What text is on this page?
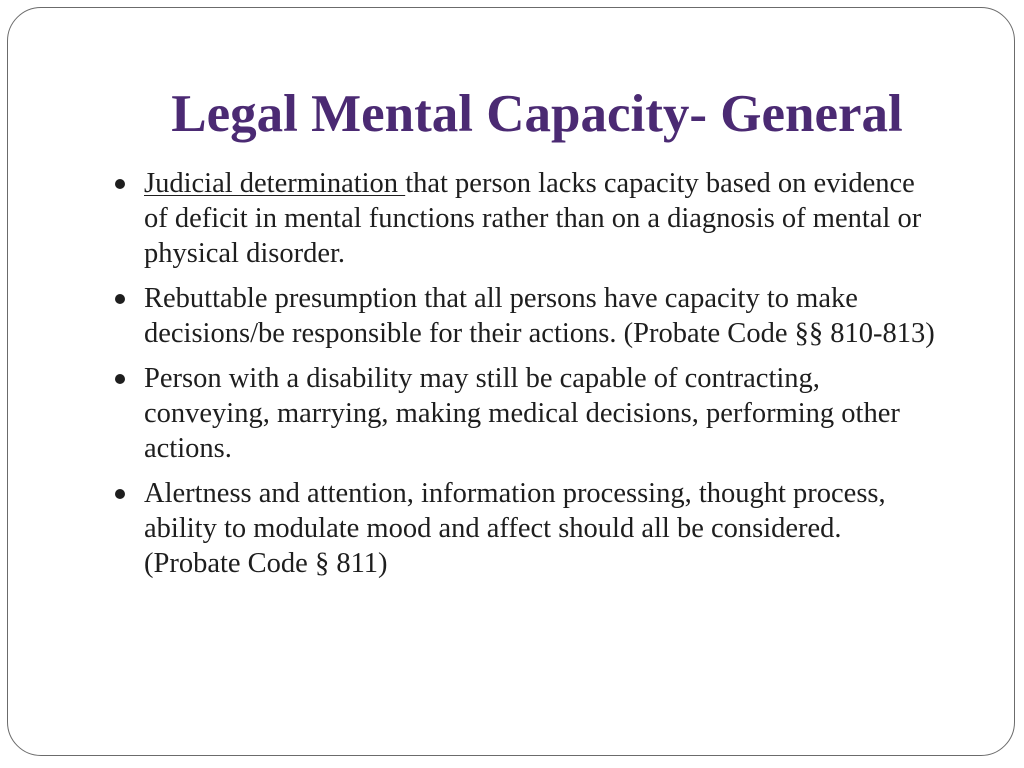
Legal Mental Capacity- General
Judicial determination that person lacks capacity based on evidence of deficit in mental functions rather than on a diagnosis of mental or physical disorder.
Rebuttable presumption that all persons have capacity to make decisions/be responsible for their actions. (Probate Code §§ 810-813)
Person with a disability may still be capable of contracting, conveying, marrying, making medical decisions, performing other actions.
Alertness and attention, information processing, thought process, ability to modulate mood and affect should all be considered. (Probate Code § 811)
